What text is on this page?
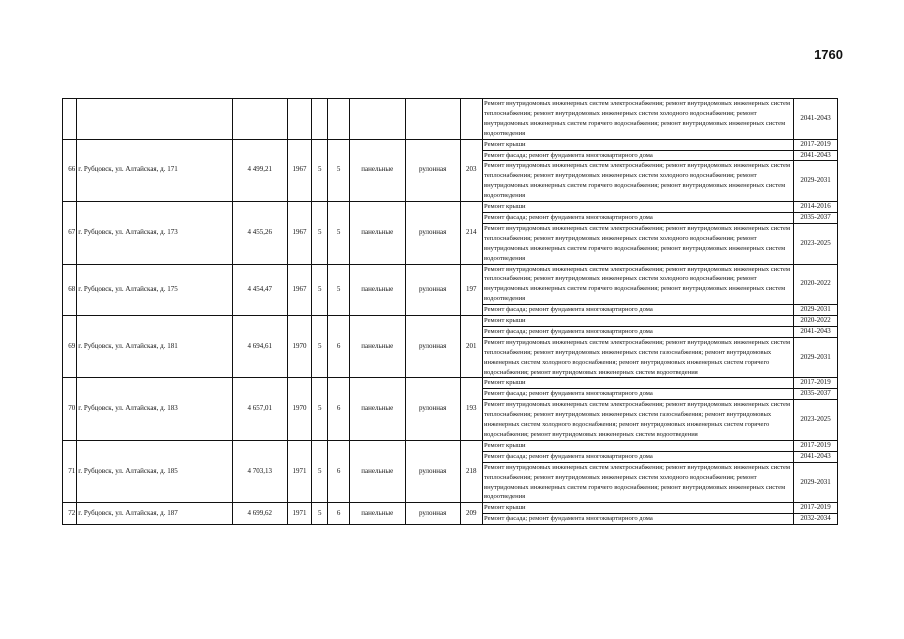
1760
									Ремонт внутридомовых инженерных систем электроснабжения; ремонт внутридомовых инженерных систем теплоснабжения; ремонт внутридомовых инженерных систем холодного водоснабжения; ремонт внутридомовых инженерных систем горячего водоснабжения; ремонт внутридомовых инженерных систем водоотведения	2041-2043
66	г. Рубцовск, ул. Алтайская, д. 171	4 499,21	1967	5	5	панельные	рулонная	203	Ремонт крыши	2017-2019
									Ремонт фасада; ремонт фундамента многоквартирного дома	2041-2043
									Ремонт внутридомовых инженерных систем электроснабжения; ремонт внутридомовых инженерных систем теплоснабжения; ремонт внутридомовых инженерных систем холодного водоснабжения; ремонт внутридомовых инженерных систем горячего водоснабжения; ремонт внутридомовых инженерных систем водоотведения	2029-2031
67	г. Рубцовск, ул. Алтайская, д. 173	4 455,26	1967	5	5	панельные	рулонная	214	Ремонт крыши	2014-2016
									Ремонт фасада; ремонт фундамента многоквартирного дома	2035-2037
									Ремонт внутридомовых инженерных систем электроснабжения; ремонт внутридомовых инженерных систем теплоснабжения; ремонт внутридомовых инженерных систем холодного водоснабжения; ремонт внутридомовых инженерных систем горячего водоснабжения; ремонт внутридомовых инженерных систем водоотведения	2023-2025
68	г. Рубцовск, ул. Алтайская, д. 175	4 454,47	1967	5	5	панельные	рулонная	197	Ремонт внутридомовых инженерных систем электроснабжения; ремонт внутридомовых инженерных систем теплоснабжения; ремонт внутридомовых инженерных систем холодного водоснабжения; ремонт внутридомовых инженерных систем горячего водоснабжения; ремонт внутридомовых инженерных систем водоотведения	2020-2022
									Ремонт фасада; ремонт фундамента многоквартирного дома	2029-2031
69	г. Рубцовск, ул. Алтайская, д. 181	4 694,61	1970	5	6	панельные	рулонная	201	Ремонт крыши	2020-2022
									Ремонт фасада; ремонт фундамента многоквартирного дома	2041-2043
									Ремонт внутридомовых инженерных систем электроснабжения; ремонт внутридомовых инженерных систем теплоснабжения; ремонт внутридомовых инженерных систем газоснабжения; ремонт внутридомовых инженерных систем холодного водоснабжения; ремонт внутридомовых инженерных систем горячего водоснабжения; ремонт внутридомовых инженерных систем водоотведения	2029-2031
70	г. Рубцовск, ул. Алтайская, д. 183	4 657,01	1970	5	6	панельные	рулонная	193	Ремонт крыши	2017-2019
									Ремонт фасада; ремонт фундамента многоквартирного дома	2035-2037
									Ремонт внутридомовых инженерных систем электроснабжения; ремонт внутридомовых инженерных систем теплоснабжения; ремонт внутридомовых инженерных систем газоснабжения; ремонт внутридомовых инженерных систем холодного водоснабжения; ремонт внутридомовых инженерных систем горячего водоснабжения; ремонт внутридомовых инженерных систем водоотведения	2023-2025
71	г. Рубцовск, ул. Алтайская, д. 185	4 703,13	1971	5	6	панельные	рулонная	218	Ремонт крыши	2017-2019
									Ремонт фасада; ремонт фундамента многоквартирного дома	2041-2043
									Ремонт внутридомовых инженерных систем электроснабжения; ремонт внутридомовых инженерных систем теплоснабжения; ремонт внутридомовых инженерных систем холодного водоснабжения; ремонт внутридомовых инженерных систем горячего водоснабжения; ремонт внутридомовых инженерных систем водоотведения	2029-2031
72	г. Рубцовск, ул. Алтайская, д. 187	4 699,62	1971	5	6	панельные	рулонная	209	Ремонт крыши	2017-2019
									Ремонт фасада; ремонт фундамента многоквартирного дома	2032-2034
